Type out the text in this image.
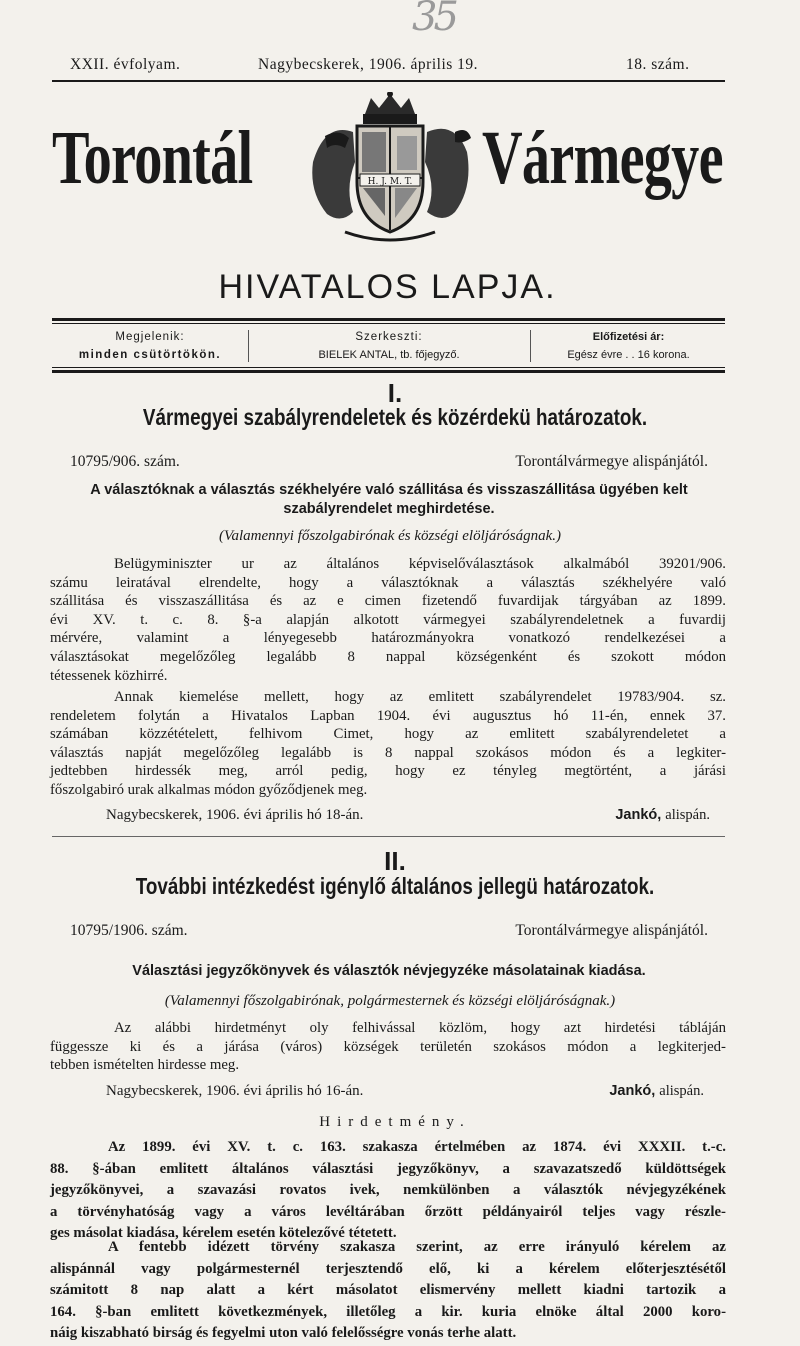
35
XXII. évfolyam.	Nagybecskerek, 1906. április 19.	18. szám.
Torontál	H. J. M. T. Vármegye
HIVATALOS LAPJA.
Megjelenik:
minden csütörtökön.
Szerkeszti:
BIELEK ANTAL, tb. főjegyző.
Előfizetési ár:
Egész évre . . 16 korona.
I.
Vármegyei szabályrendeletek és közérdekü határozatok.
10795/906. szám.	Torontálvármegye alispánjától.
A választóknak a választás székhelyére való szállitása és visszaszállitása ügyében kelt
szabályrendelet meghirdetése.
(Valamennyi főszolgabirónak és községi elöljáróságnak.)
Belügyminiszter ur az általános képviselőválasztások alkalmából 39201/906.
számu leiratával elrendelte, hogy a választóknak a választás székhelyére való
szállitása és visszaszállitása és az e cimen fizetendő fuvardijak tárgyában az 1899.
évi XV. t. c. 8. §-a alapján alkotott vármegyei szabályrendeletnek a fuvardij
mérvére, valamint a lényegesebb határozmányokra vonatkozó rendelkezései a
választásokat megelőzőleg legalább 8 nappal községenként és szokott módon
tétessenek közhirré.
Annak kiemelése mellett, hogy az emlitett szabályrendelet 19783/904. sz.
rendeletem folytán a Hivatalos Lapban 1904. évi augusztus hó 11-én, ennek 37.
számában közzétételett, felhivom Cimet, hogy az emlitett szabályrendeletet a
választás napját megelőzőleg legalább is 8 nappal szokásos módon és a legkiter-
jedtebben hirdessék meg, arról pedig, hogy ez tényleg megtörtént, a járási
főszolgabiró urak alkalmas módon győződjenek meg.
Nagybecskerek, 1906. évi április hó 18-án.	Jankó, alispán.
II.
További intézkedést igénylő általános jellegü határozatok.
10795/1906. szám.	Torontálvármegye alispánjától.
Választási jegyzőkönyvek és választók névjegyzéke másolatainak kiadása.
(Valamennyi főszolgabirónak, polgármesternek és községi elöljáróságnak.)
Az alábbi hirdetményt oly felhivással közlöm, hogy azt hirdetési tábláján
függessze ki és a járása (város) községek területén szokásos módon a legkiterjed-
tebben ismételten hirdesse meg.
Nagybecskerek, 1906. évi április hó 16-án.	Jankó, alispán.
Hirdetmény.
Az 1899. évi XV. t. c. 163. szakasza értelmében az 1874. évi XXXII. t.-c.
88. §-ában emlitett általános választási jegyzőkönyv, a szavazatszedő küldöttségek
jegyzőkönyvei, a szavazási rovatos ivek, nemkülönben a választók névjegyzékének
a törvényhatóság vagy a város levéltárában őrzött példányairól teljes vagy részle-
ges másolat kiadása, kérelem esetén kötelezővé tétetett.
A fentebb idézett törvény szakasza szerint, az erre irányuló kérelem az
alispánnál vagy polgármesternél terjesztendő elő, ki a kérelem előterjesztésétől
számitott 8 nap alatt a kért másolatot elismervény mellett kiadni tartozik a
164. §-ban emlitett következmények, illetőleg a kir. kuria elnöke által 2000 koro-
náig kiszabható birság és fegyelmi uton való felelősségre vonás terhe alatt.
